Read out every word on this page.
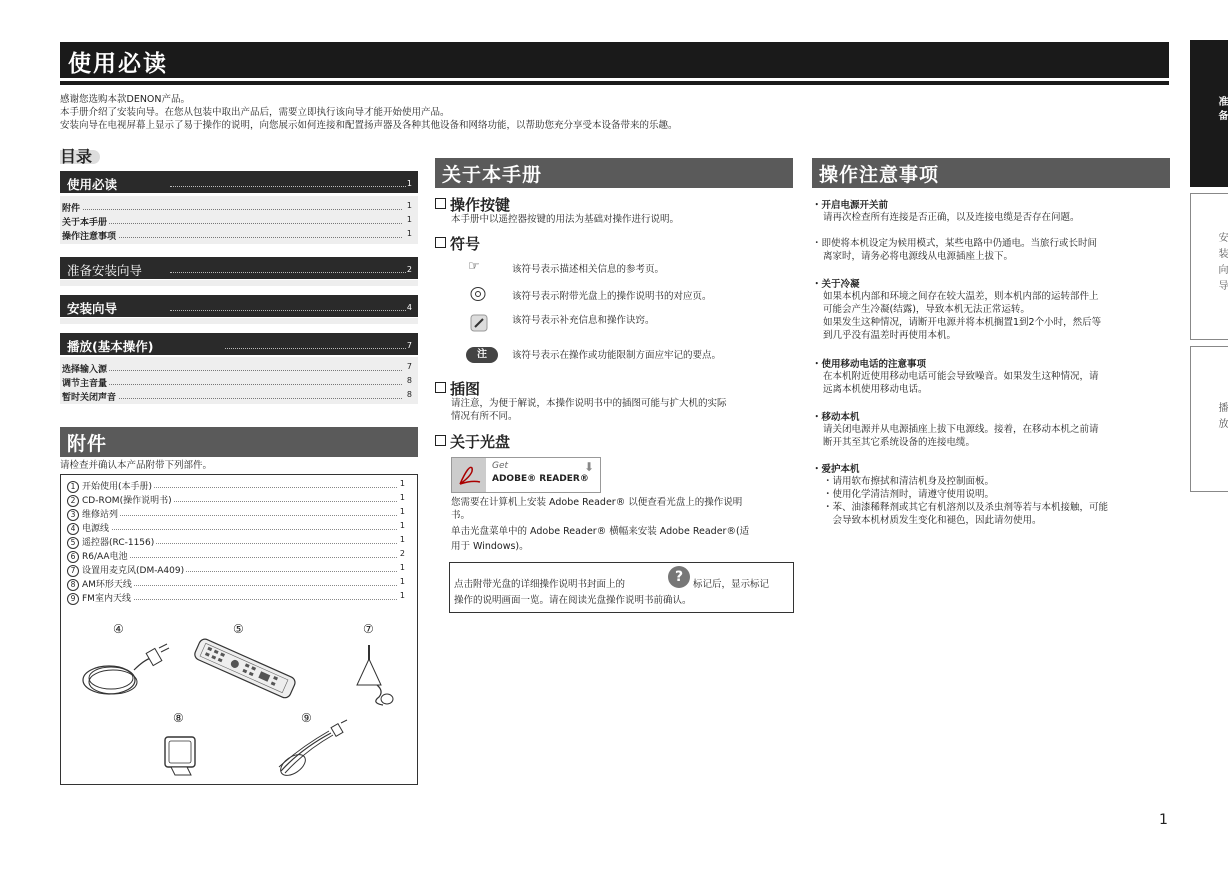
使用必读
感谢您选购本款DENON产品。
本手册介绍了安装向导。在您从包装中取出产品后，需要立即执行该向导才能开始使用产品。
安装向导在电视屏幕上显示了易于操作的说明，向您展示如何连接和配置扬声器及各种其他设备和网络功能，以帮助您充分享受本设备带来的乐趣。
准备
安装向导
播放
目录
使用必读	1
附件	1
关于本手册	1
操作注意事项	1
准备安装向导	2
安装向导	4
播放(基本操作)	7
选择输入源	7
调节主音量	8
暂时关闭声音	8
附件
请检查并确认本产品附带下列部件。
1 开始使用(本手册)	1
2 CD-ROM(操作说明书)	1
3 维修站列	1
4 电源线	1
5 遥控器(RC-1156)	1
6 R6/AA电池	2
7 设置用麦克风(DM-A409)	1
8 AM环形天线	1
9 FM室内天线	1
④	⑤	⑦
⑧	⑨
关于本手册
操作按键
本手册中以遥控器按键的用法为基础对操作进行说明。
符号
☞	该符号表示描述相关信息的参考页。
该符号表示附带光盘上的操作说明书的对应页。
该符号表示补充信息和操作诀窍。
注	该符号表示在操作或功能限制方面应牢记的要点。
插图
请注意，为便于解说，本操作说明书中的插图可能与扩大机的实际
情况有所不同。
关于光盘
Get
ADOBE® READER®
⬇
您需要在计算机上安装 Adobe Reader® 以便查看光盘上的操作说明
书。
单击光盘菜单中的 Adobe Reader® 横幅来安装 Adobe Reader®(适
用于 Windows)。
点击附带光盘的详细操作说明书封面上的	?	标记后，显示标记
操作的说明画面一览。请在阅读光盘操作说明书前确认。
操作注意事项
・开启电源开关前
请再次检查所有连接是否正确，以及连接电缆是否存在问题。
・即使将本机设定为候用模式，某些电路中仍通电。当旅行或长时间
离家时，请务必将电源线从电源插座上拔下。
・关于冷凝
如果本机内部和环境之间存在较大温差，则本机内部的运转部件上
可能会产生冷凝(结露)，导致本机无法正常运转。
如果发生这种情况，请断开电源并将本机搁置1到2个小时，然后等
到几乎没有温差时再使用本机。
・使用移动电话的注意事项
在本机附近使用移动电话可能会导致噪音。如果发生这种情况，请
远离本机使用移动电话。
・移动本机
请关闭电源并从电源插座上拔下电源线。接着，在移动本机之前请
断开其至其它系统设备的连接电缆。
・爱护本机
・请用软布擦拭和清洁机身及控制面板。
・使用化学清洁剂时，请遵守使用说明。
・苯、油漆稀释剂或其它有机溶剂以及杀虫剂等若与本机接触，可能
　会导致本机材质发生变化和褪色，因此请勿使用。
1
